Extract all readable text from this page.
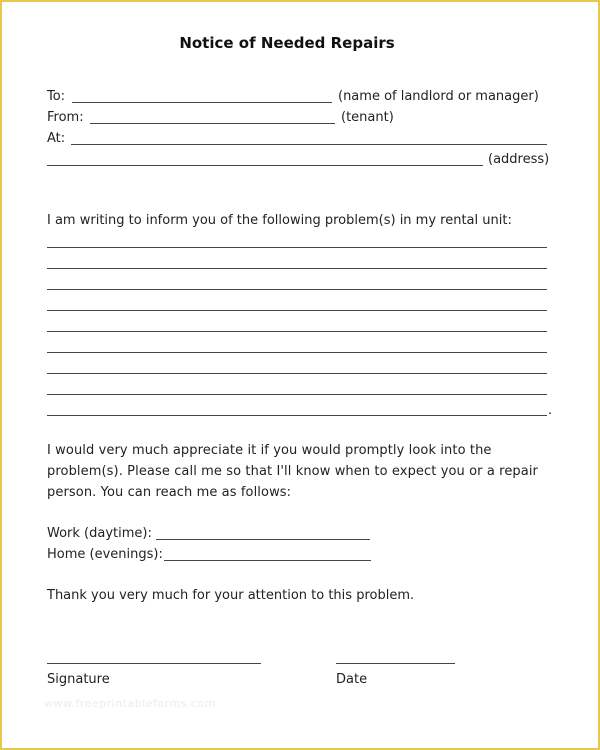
Notice of Needed Repairs
To:	(name of landlord or manager)
From:	(tenant)
At:
(address)
I am writing to inform you of the following problem(s) in my rental unit:
.
I would very much appreciate it if you would promptly look into the problem(s). Please call me so that I'll know when to expect you or a repair person. You can reach me as follows:
Work (daytime):
Home (evenings):
Thank you very much for your attention to this problem.
Signature	Date
www.freeprintableforms.com
